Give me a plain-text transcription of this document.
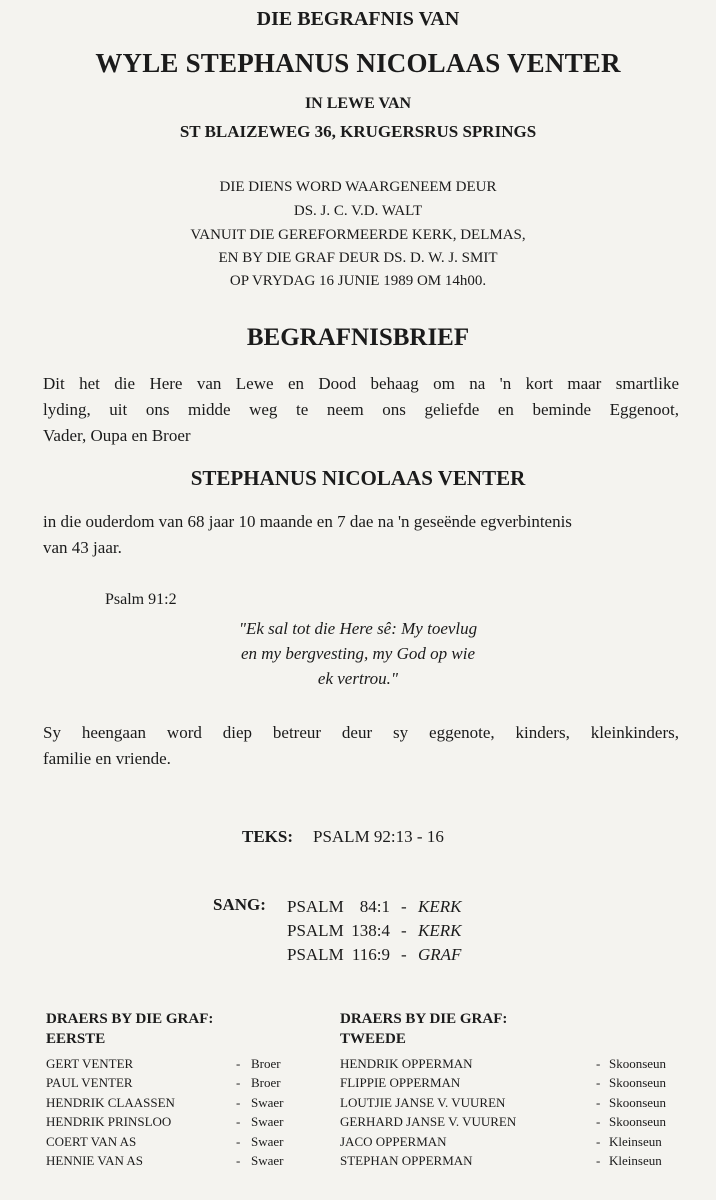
DIE BEGRAFNIS VAN
WYLE STEPHANUS NICOLAAS VENTER
IN LEWE VAN
ST BLAIZEWEG 36, KRUGERSRUS SPRINGS
DIE DIENS WORD WAARGENEEM DEUR
DS. J. C. V.D. WALT
VANUIT DIE GEREFORMEERDE KERK, DELMAS,
EN BY DIE GRAF DEUR DS. D. W. J. SMIT
OP VRYDAG 16 JUNIE 1989 OM 14h00.
BEGRAFNISBRIEF
Dit het die Here van Lewe en Dood behaag om na 'n kort maar smartlike
lyding, uit ons midde weg te neem ons geliefde en beminde Eggenoot,
Vader, Oupa en Broer
STEPHANUS NICOLAAS VENTER
in die ouderdom van 68 jaar 10 maande en 7 dae na 'n geseënde egverbintenis
van 43 jaar.
Psalm 91:2
"Ek sal tot die Here sê: My toevlug
en my bergvesting, my God op wie
ek vertrou."
Sy heengaan word diep betreur deur sy eggenote, kinders, kleinkinders,
familie en vriende.
TEKS: PSALM 92:13 - 16
SANG: PSALM 84:1 - KERK
PSALM 138:4 - KERK
PSALM 116:9 - GRAF
DRAERS BY DIE GRAF:
EERSTE
GERT VENTER	- Broer
PAUL VENTER	- Broer
HENDRIK CLAASSEN	- Swaer
HENDRIK PRINSLOO	- Swaer
COERT VAN AS	- Swaer
HENNIE VAN AS	- Swaer
DRAERS BY DIE GRAF:
TWEEDE
HENDRIK OPPERMAN	- Skoonseun
FLIPPIE OPPERMAN	- Skoonseun
LOUTJIE JANSE V. VUUREN	- Skoonseun
GERHARD JANSE V. VUUREN	- Skoonseun
JACO OPPERMAN	- Kleinseun
STEPHAN OPPERMAN	- Kleinseun
